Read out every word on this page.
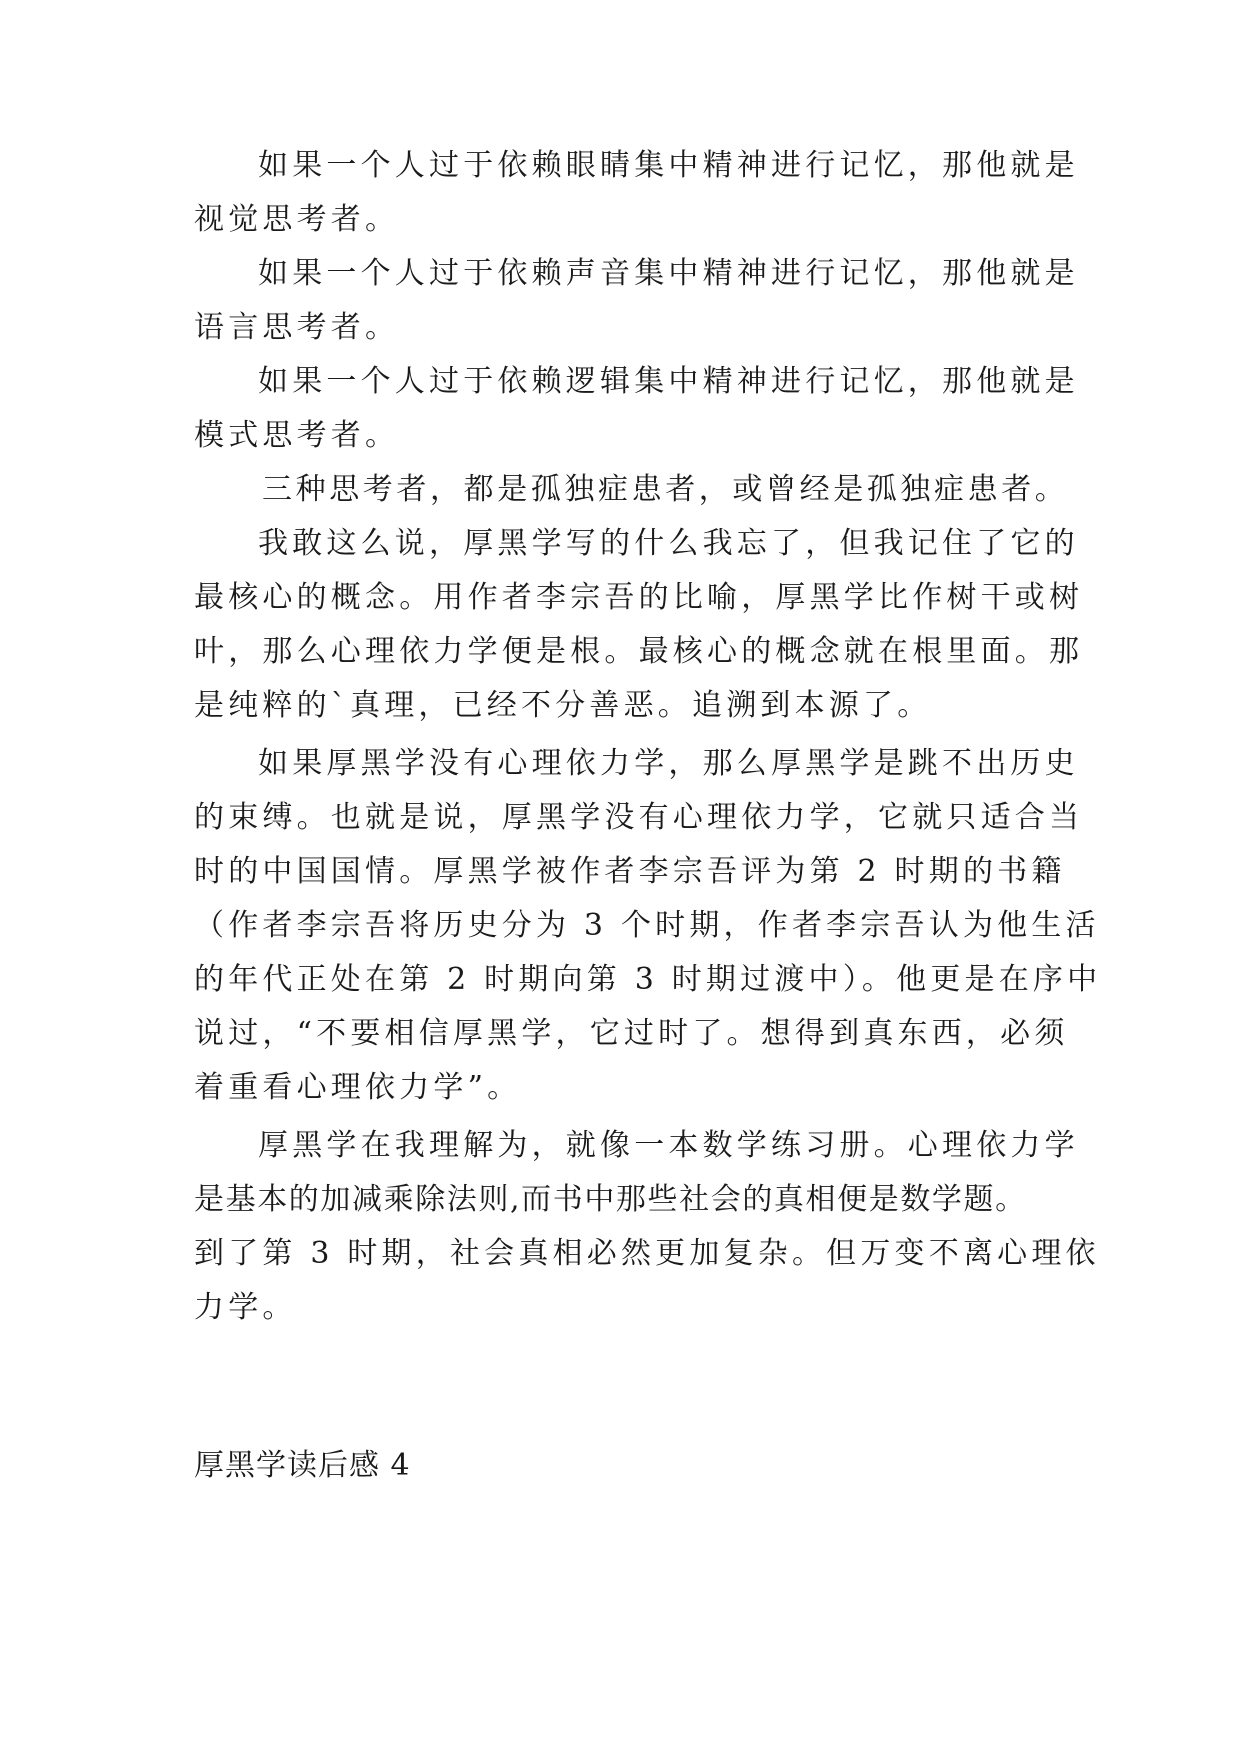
如果一个人过于依赖眼睛集中精神进行记忆，那他就是
视觉思考者。
如果一个人过于依赖声音集中精神进行记忆，那他就是
语言思考者。
如果一个人过于依赖逻辑集中精神进行记忆，那他就是
模式思考者。
三种思考者，都是孤独症患者，或曾经是孤独症患者。
我敢这么说，厚黑学写的什么我忘了，但我记住了它的
最核心的概念。用作者李宗吾的比喻，厚黑学比作树干或树
叶，那么心理依力学便是根。最核心的概念就在根里面。那
是纯粹的`真理，已经不分善恶。追溯到本源了。
如果厚黑学没有心理依力学，那么厚黑学是跳不出历史
的束缚。也就是说，厚黑学没有心理依力学，它就只适合当
时的中国国情。厚黑学被作者李宗吾评为第 2 时期的书籍
（作者李宗吾将历史分为 3 个时期，作者李宗吾认为他生活
的年代正处在第 2 时期向第 3 时期过渡中）。他更是在序中
说过，“不要相信厚黑学，它过时了。想得到真东西，必须
着重看心理依力学”。
厚黑学在我理解为，就像一本数学练习册。心理依力学
是基本的加减乘除法则,而书中那些社会的真相便是数学题。
到了第 3 时期，社会真相必然更加复杂。但万变不离心理依
力学。
厚黑学读后感 4
